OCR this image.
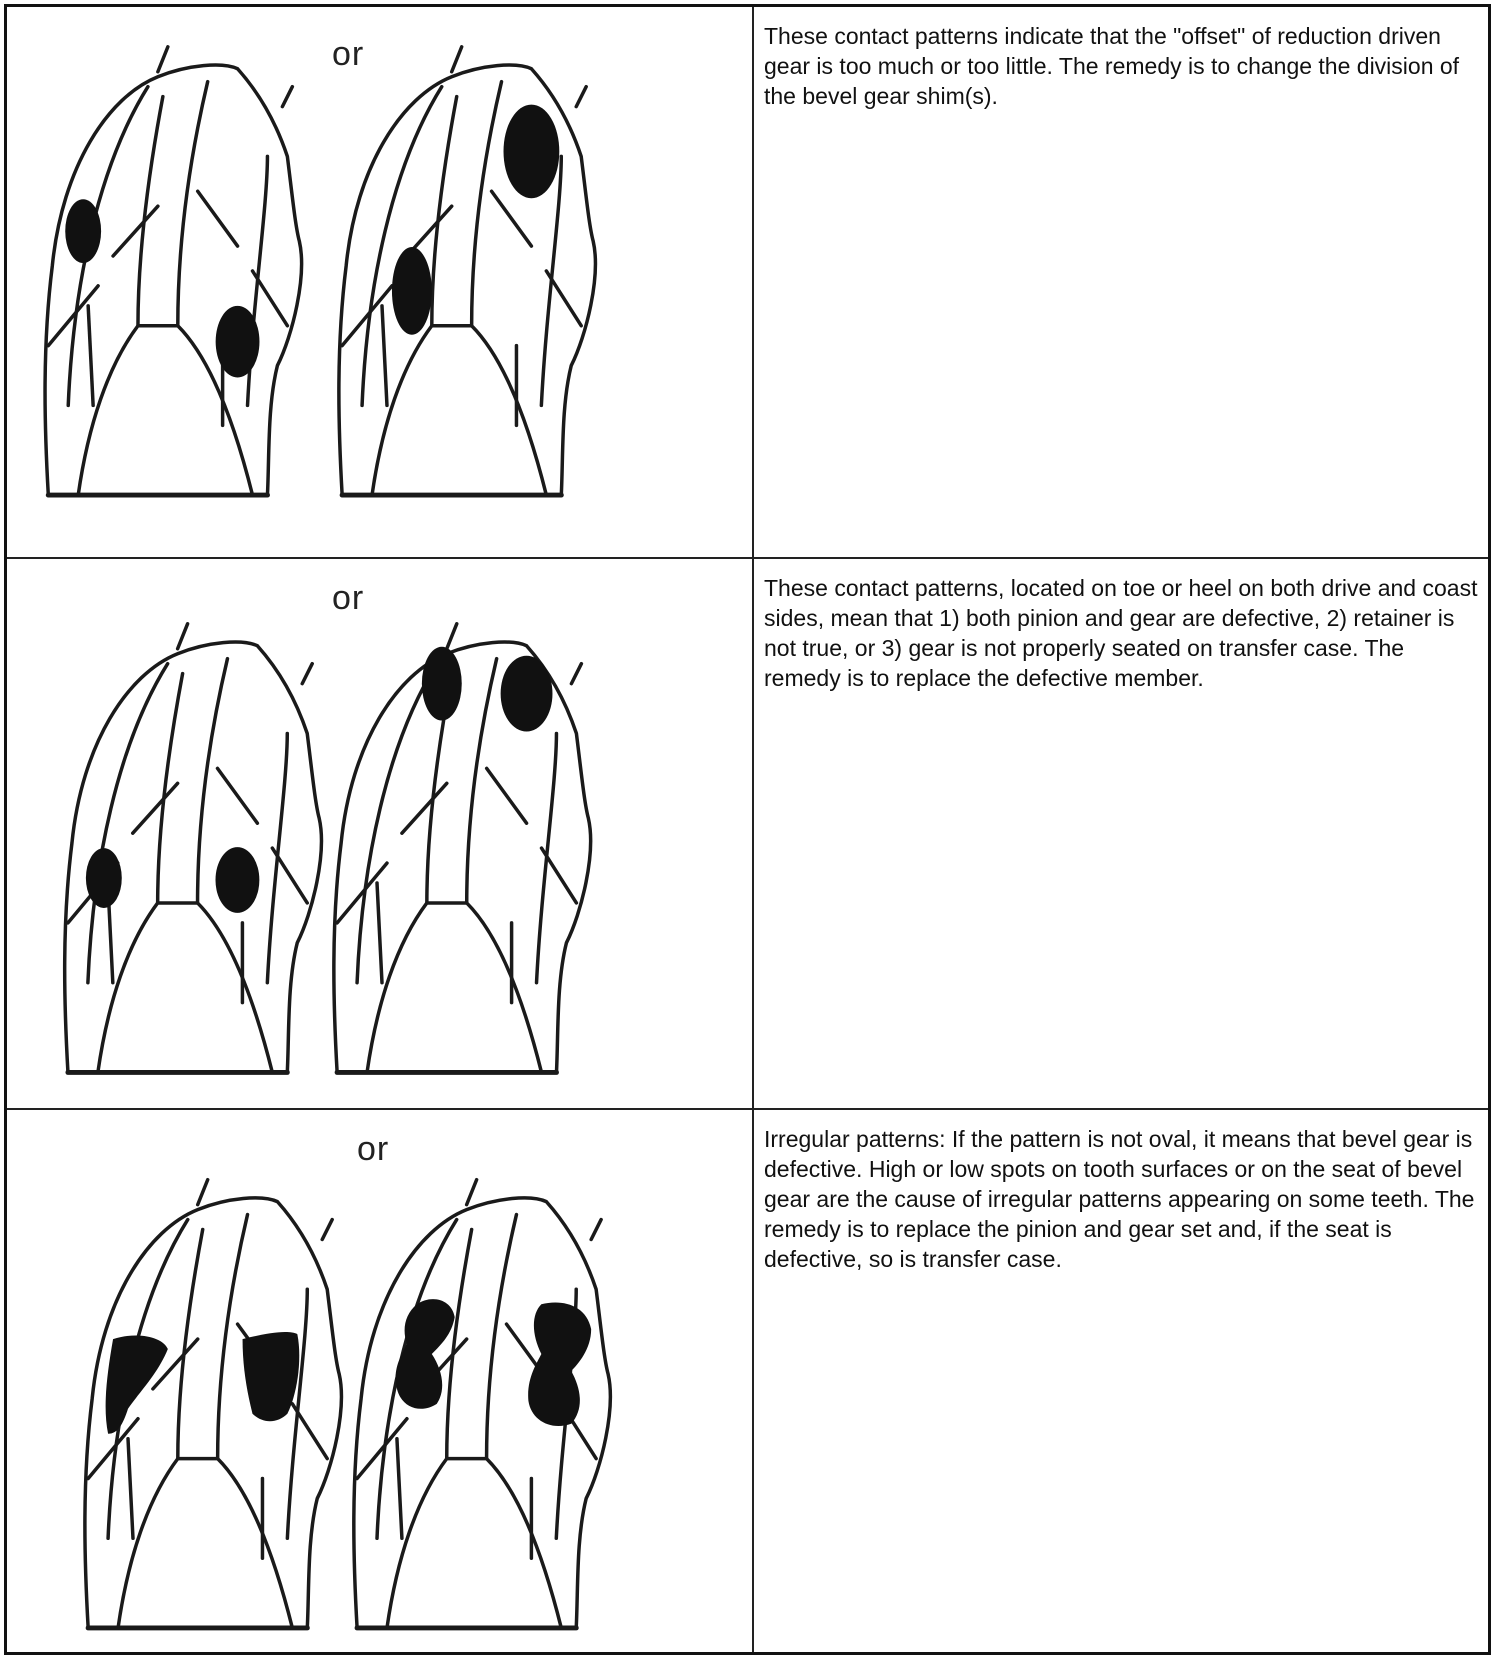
or	These contact patterns indicate that the "offset" of reduction driven gear is too much or too little. The remedy is to change the division of the bevel gear shim(s).

or	These contact patterns, located on toe or heel on both drive and coast sides, mean that 1) both pinion and gear are defective, 2) retainer is not true, or 3) gear is not properly seated on transfer case. The remedy is to replace the defective member.

or	Irregular patterns: If the pattern is not oval, it means that bevel gear is defective. High or low spots on tooth surfaces or on the seat of bevel gear are the cause of irregular patterns appearing on some teeth. The remedy is to replace the pinion and gear set and, if the seat is defective, so is transfer case.
